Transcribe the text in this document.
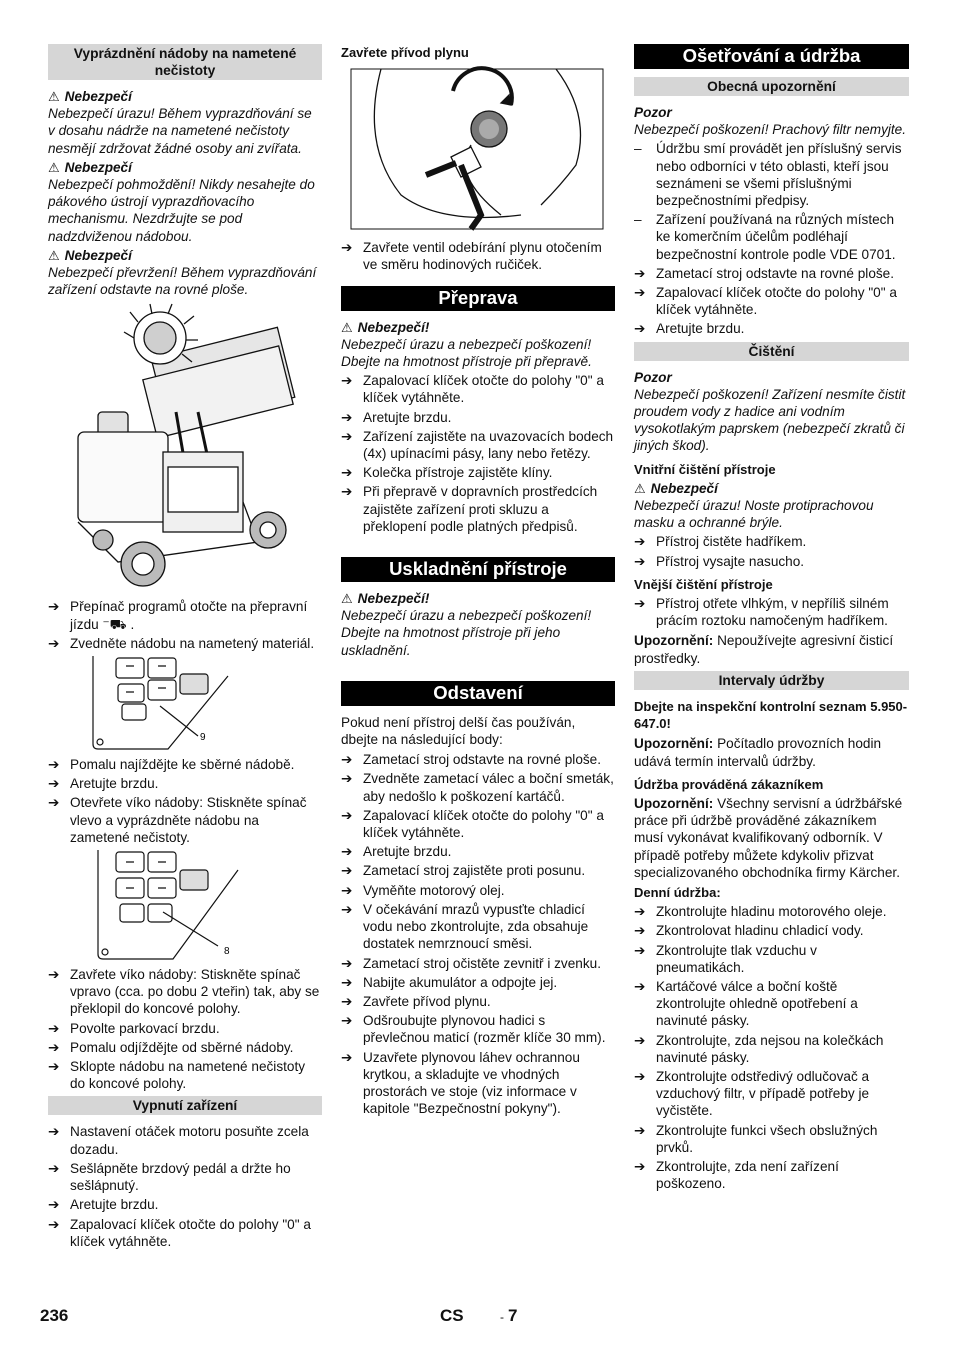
Vyprázdnění nádoby na nametené nečistoty
⚠ Nebezpečí
Nebezpečí úrazu! Během vyprazdňování se v dosahu nádrže na nametené nečistoty nesmějí zdržovat žádné osoby ani zvířata.
⚠ Nebezpečí
Nebezpečí pohmoždění! Nikdy nesahejte do pákového ústrojí vyprazdňovacího mechanismu. Nezdržujte se pod nadzdviženou nádobou.
⚠ Nebezpečí
Nebezpečí převržení! Během vyprazdňování zařízení odstavte na rovné ploše.
➔ Přepínač programů otočte na přepravní jízdu ⁻⛟ .
➔ Zvedněte nádobu na nametený materiál.
9
➔ Pomalu najíždějte ke sběrné nádobě.
➔ Aretujte brzdu.
➔ Otevřete víko nádoby: Stiskněte spínač vlevo a vyprázdněte nádobu na zametené nečistoty.
8
➔ Zavřete víko nádoby: Stiskněte spínač vpravo (cca. po dobu 2 vteřin) tak, aby se překlopil do koncové polohy.
➔ Povolte parkovací brzdu.
➔ Pomalu odjíždějte od sběrné nádoby.
➔ Sklopte nádobu na nametené nečistoty do koncové polohy.
Vypnutí zařízení
➔ Nastavení otáček motoru posuňte zcela dozadu.
➔ Sešlápněte brzdový pedál a držte ho sešlápnutý.
➔ Aretujte brzdu.
➔ Zapalovací klíček otočte do polohy "0" a klíček vytáhněte.
Zavřete přívod plynu
➔ Zavřete ventil odebírání plynu otočením ve směru hodinových ručiček.
Přeprava
⚠ Nebezpečí!
Nebezpečí úrazu a nebezpečí poškození! Dbejte na hmotnost přístroje při přepravě.
➔ Zapalovací klíček otočte do polohy "0" a klíček vytáhněte.
➔ Aretujte brzdu.
➔ Zařízení zajistěte na uvazovacích bodech (4x) upínacími pásy, lany nebo řetězy.
➔ Kolečka přístroje zajistěte klíny.
➔ Při přepravě v dopravních prostředcích zajistěte zařízení proti skluzu a překlopení podle platných předpisů.
Uskladnění přístroje
⚠ Nebezpečí!
Nebezpečí úrazu a nebezpečí poškození! Dbejte na hmotnost přístroje při jeho uskladnění.
Odstavení
Pokud není přístroj delší čas používán, dbejte na následující body:
➔ Zametací stroj odstavte na rovné ploše.
➔ Zvedněte zametací válec a boční smeták, aby nedošlo k poškození kartáčů.
➔ Zapalovací klíček otočte do polohy "0" a klíček vytáhněte.
➔ Aretujte brzdu.
➔ Zametací stroj zajistěte proti posunu.
➔ Vyměňte motorový olej.
➔ V očekávání mrazů vypusťte chladicí vodu nebo zkontrolujte, zda obsahuje dostatek nemrznoucí směsi.
➔ Zametací stroj očistěte zevnitř i zvenku.
➔ Nabijte akumulátor a odpojte jej.
➔ Zavřete přívod plynu.
➔ Odšroubujte plynovou hadici s převlečnou maticí (rozměr klíče 30 mm).
➔ Uzavřete plynovou láhev ochrannou krytkou, a skladujte ve vhodných prostorách ve stoje (viz informace v kapitole "Bezpečnostní pokyny").
Ošetřování a údržba
Obecná upozornění
Pozor
Nebezpečí poškození! Prachový filtr nemyjte.
– Údržbu smí provádět jen příslušný servis nebo odborníci v této oblasti, kteří jsou seznámeni se všemi příslušnými bezpečnostními předpisy.
– Zařízení používaná na různých místech ke komerčním účelům podléhají bezpečnostní kontrole podle VDE 0701.
➔ Zametací stroj odstavte na rovné ploše.
➔ Zapalovací klíček otočte do polohy "0" a klíček vytáhněte.
➔ Aretujte brzdu.
Čištění
Pozor
Nebezpečí poškození! Zařízení nesmíte čistit proudem vody z hadice ani vodním vysokotlakým paprskem (nebezpečí zkratů či jiných škod).
Vnitřní čištění přístroje
⚠ Nebezpečí
Nebezpečí úrazu! Noste protiprachovou masku a ochranné brýle.
➔ Přístroj čistěte hadříkem.
➔ Přístroj vysajte nasucho.
Vnější čištění přístroje
➔ Přístroj otřete vlhkým, v nepříliš silném prácím roztoku namočeným hadříkem.
Upozornění: Nepoužívejte agresivní čisticí prostředky.
Intervaly údržby
Dbejte na inspekční kontrolní seznam 5.950-647.0!
Upozornění: Počítadlo provozních hodin udává termín intervalů údržby.
Údržba prováděná zákazníkem
Upozornění: Všechny servisní a údržbářské práce při údržbě prováděné zákazníkem musí vykonávat kvalifikovaný odborník. V případě potřeby můžete kdykoliv přizvat specializovaného obchodníka firmy Kärcher.
Denní údržba:
➔ Zkontrolujte hladinu motorového oleje.
➔ Zkontrolovat hladinu chladicí vody.
➔ Zkontrolujte tlak vzduchu v pneumatikách.
➔ Kartáčové válce a boční koště zkontrolujte ohledně opotřebení a navinuté pásky.
➔ Zkontrolujte, zda nejsou na kolečkách navinuté pásky.
➔ Zkontrolujte odstředivý odlučovač a vzduchový filtr, v případě potřeby je vyčistěte.
➔ Zkontrolujte funkci všech obslužných prvků.
➔ Zkontrolujte, zda není zařízení poškozeno.
236	CS	- 7
